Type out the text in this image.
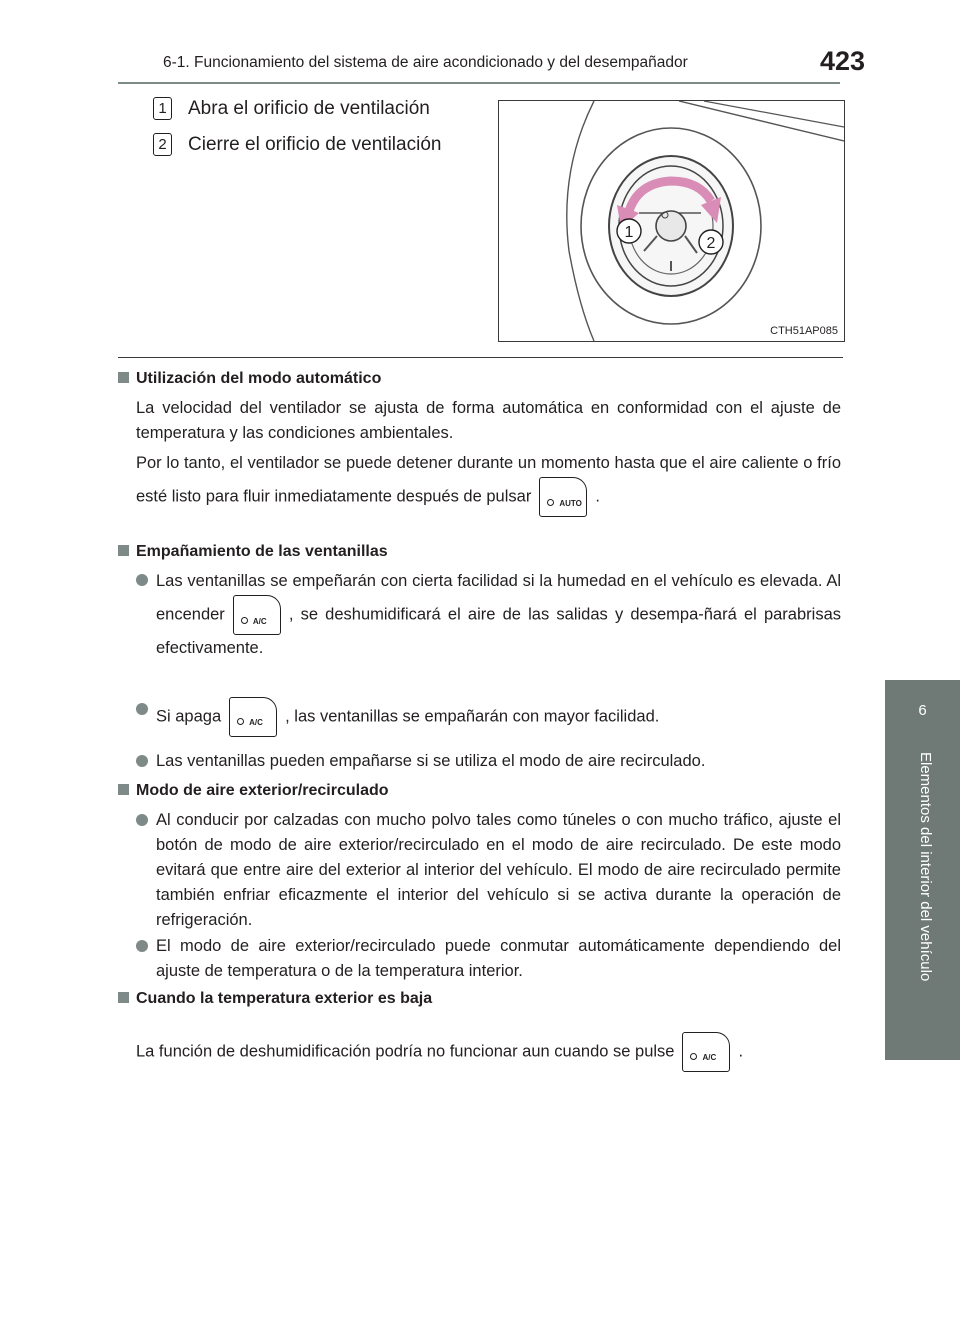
6-1. Funcionamiento del sistema de aire acondicionado y del desempañador	423
6
Elementos del interior del vehículo
1 Abra el orificio de ventilación
2 Cierre el orificio de ventilación
1
2
CTH51AP085
Utilización del modo automático
La velocidad del ventilador se ajusta de forma automática en conformidad con el ajuste de temperatura y las condiciones ambientales.
Por lo tanto, el ventilador se puede detener durante un momento hasta que el aire caliente o frío esté listo para fluir inmediatamente después de pulsar	AUTO .
Empañamiento de las ventanillas
Las ventanillas se empeñarán con cierta facilidad si la humedad en el vehículo es elevada. Al encender	A/C , se deshumidificará el aire de las salidas y desempa-ñará el parabrisas efectivamente.
Si apaga	A/C , las ventanillas se empañarán con mayor facilidad.
Las ventanillas pueden empañarse si se utiliza el modo de aire recirculado.
Modo de aire exterior/recirculado
Al conducir por calzadas con mucho polvo tales como túneles o con mucho tráfico, ajuste el botón de modo de aire exterior/recirculado en el modo de aire recirculado. De este modo evitará que entre aire del exterior al interior del vehículo. El modo de aire recirculado permite también enfriar eficazmente el interior del vehículo si se activa durante la operación de refrigeración.
El modo de aire exterior/recirculado puede conmutar automáticamente dependiendo del ajuste de temperatura o de la temperatura interior.
Cuando la temperatura exterior es baja
La función de deshumidificación podría no funcionar aun cuando se pulse	A/C .
